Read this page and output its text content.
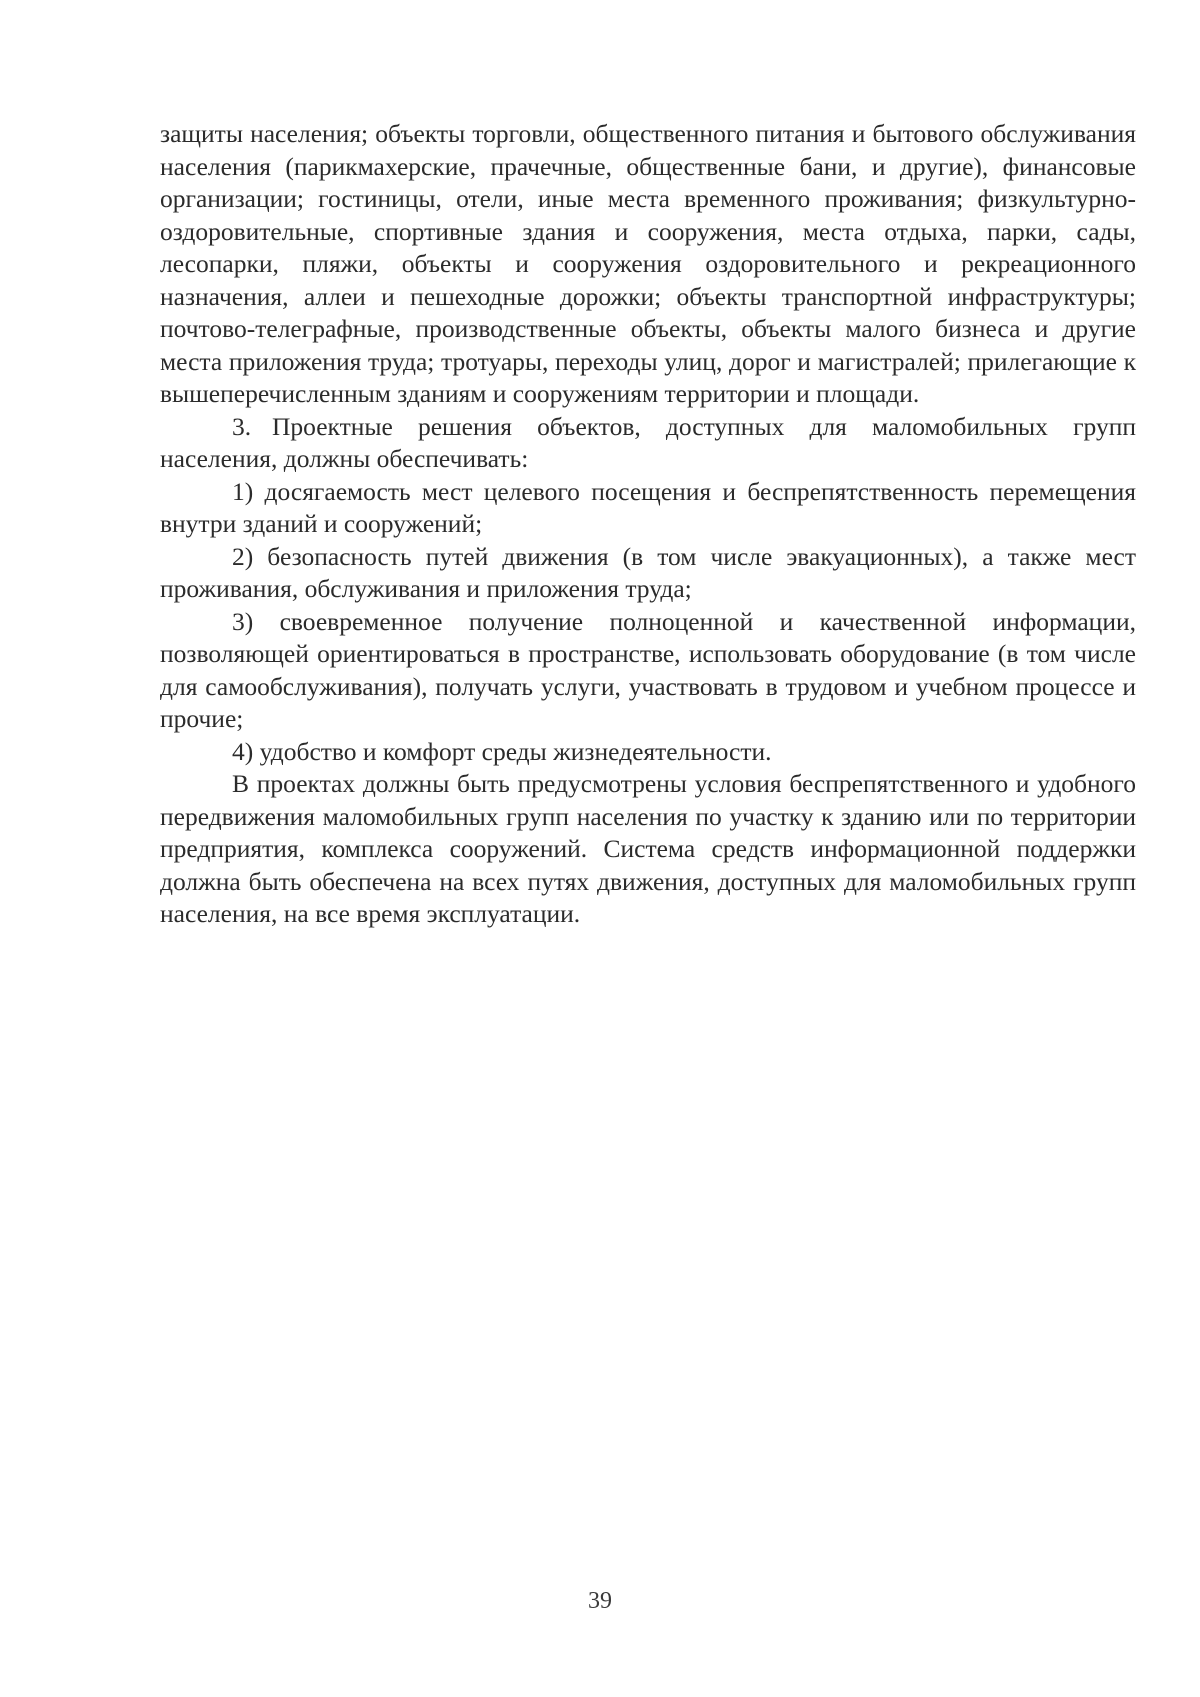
защиты населения; объекты торговли, общественного питания и бытового обслуживания населения (парикмахерские, прачечные, общественные бани, и другие), финансовые организации; гостиницы, отели, иные места временного проживания; физкультурно-оздоровительные, спортивные здания и сооружения, места отдыха, парки, сады, лесопарки, пляжи, объекты и сооружения оздоровительного и рекреационного назначения, аллеи и пешеходные дорожки; объекты транспортной инфраструктуры; почтово-телеграфные, производственные объекты, объекты малого бизнеса и другие места приложения труда; тротуары, переходы улиц, дорог и магистралей; прилегающие к вышеперечисленным зданиям и сооружениям территории и площади.

3. Проектные решения объектов, доступных для маломобильных групп населения, должны обеспечивать:

1) досягаемость мест целевого посещения и беспрепятственность перемещения внутри зданий и сооружений;

2) безопасность путей движения (в том числе эвакуационных), а также мест проживания, обслуживания и приложения труда;

3) своевременное получение полноценной и качественной информации, позволяющей ориентироваться в пространстве, использовать оборудование (в том числе для самообслуживания), получать услуги, участвовать в трудовом и учебном процессе и прочие;

4) удобство и комфорт среды жизнедеятельности.

В проектах должны быть предусмотрены условия беспрепятственного и удобного передвижения маломобильных групп населения по участку к зданию или по территории предприятия, комплекса сооружений. Система средств информационной поддержки должна быть обеспечена на всех путях движения, доступных для маломобильных групп населения, на все время эксплуатации.

39
